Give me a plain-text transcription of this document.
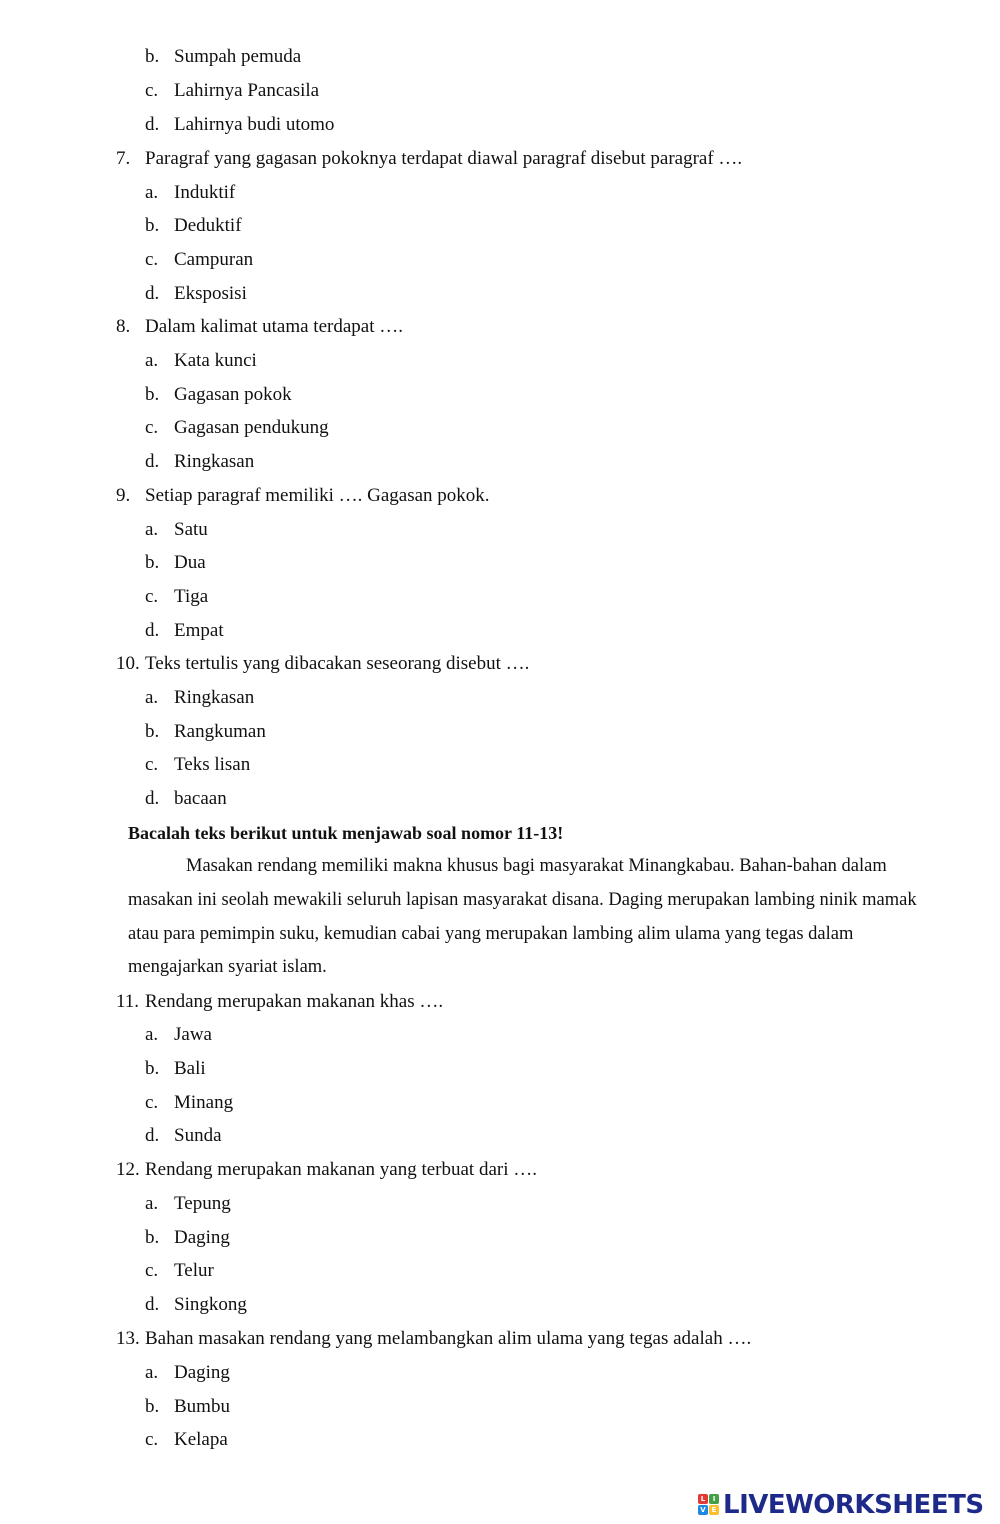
b. Sumpah pemuda
c. Lahirnya Pancasila
d. Lahirnya budi utomo
7. Paragraf yang gagasan pokoknya terdapat diawal paragraf disebut paragraf ….
a. Induktif
b. Deduktif
c. Campuran
d. Eksposisi
8. Dalam kalimat utama terdapat ….
a. Kata kunci
b. Gagasan pokok
c. Gagasan pendukung
d. Ringkasan
9. Setiap paragraf memiliki …. Gagasan pokok.
a. Satu
b. Dua
c. Tiga
d. Empat
10. Teks tertulis yang dibacakan seseorang disebut ….
a. Ringkasan
b. Rangkuman
c. Teks lisan
d. bacaan
Bacalah teks berikut untuk menjawab soal nomor 11-13!
Masakan rendang memiliki makna khusus bagi masyarakat Minangkabau. Bahan-bahan dalam masakan ini seolah mewakili seluruh lapisan masyarakat disana. Daging merupakan lambing ninik mamak atau para pemimpin suku, kemudian cabai yang merupakan lambing alim ulama yang tegas dalam mengajarkan syariat islam.
11. Rendang merupakan makanan khas ….
a. Jawa
b. Bali
c. Minang
d. Sunda
12. Rendang merupakan makanan yang terbuat dari ….
a. Tepung
b. Daging
c. Telur
d. Singkong
13. Bahan masakan rendang yang melambangkan alim ulama yang tegas adalah ….
a. Daging
b. Bumbu
c. Kelapa
L	I
V E LIVEWORKSHEETS
